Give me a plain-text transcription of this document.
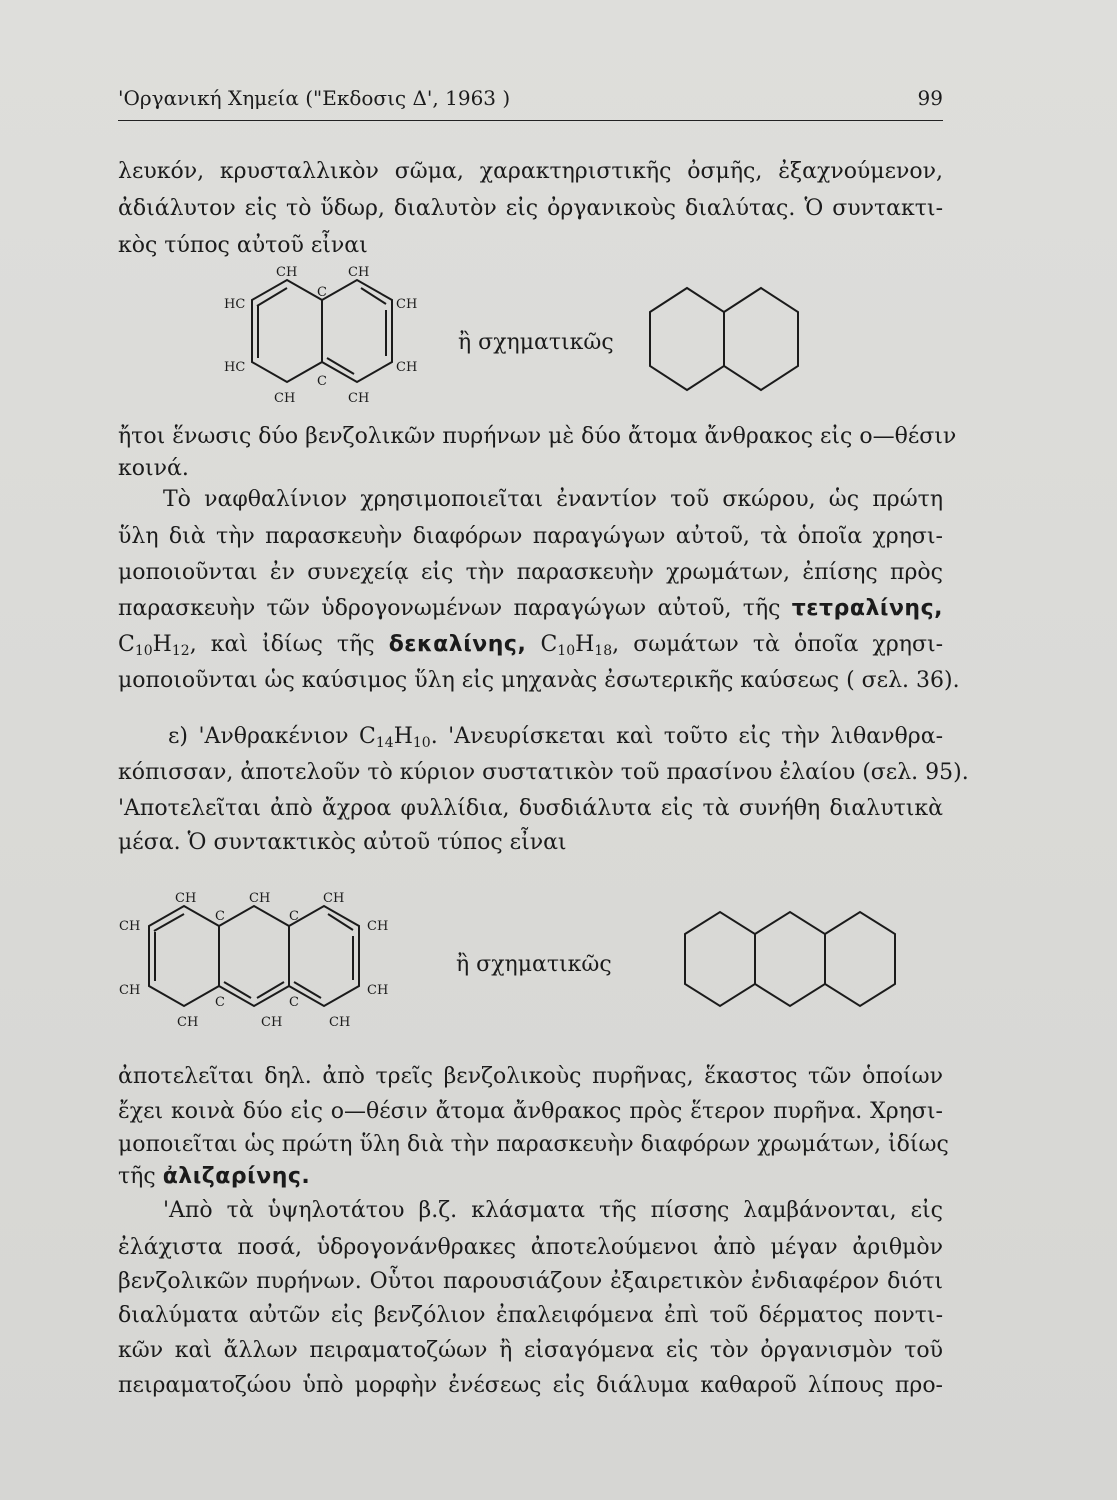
'Οργανική Χημεία ("Εκδοσις Δ', 1963 )	99
λευκόν, κρυσταλλικὸν σῶμα, χαρακτηριστικῆς ὀσμῆς, ἐξαχνούμενον,
ἀδιάλυτον εἰς τὸ ὕδωρ, διαλυτὸν εἰς ὀργανικοὺς διαλύτας. Ὁ συντακτι-
κὸς τύπος αὐτοῦ εἶναι
CH	CH
C
HC	CH
HC	CH
C
CH	CH
ἢ σχηματικῶς
ἤτοι ἕνωσις δύο βενζολικῶν πυρήνων μὲ δύο ἄτομα ἄνθρακος εἰς ο—θέσιν
κοινά.
Τὸ ναφθαλίνιον χρησιμοποιεῖται ἐναντίον τοῦ σκώρου, ὡς πρώτη
ὕλη διὰ τὴν παρασκευὴν διαφόρων παραγώγων αὐτοῦ, τὰ ὁποῖα χρησι-
μοποιοῦνται ἐν συνεχείᾳ εἰς τὴν παρασκευὴν χρωμάτων, ἐπίσης πρὸς
παρασκευὴν τῶν ὑδρογονωμένων παραγώγων αὐτοῦ, τῆς τετραλίνης,
$C_{10}H_{12}$, καὶ ἰδίως τῆς δεκαλίνης, $C_{10}H_{18}$, σωμάτων τὰ ὁποῖα χρησι-
μοποιοῦνται ὡς καύσιμος ὕλη εἰς μηχανὰς ἐσωτερικῆς καύσεως ( σελ. 36).
ε) 'Ανθρακένιον $C_{14}H_{10}$. 'Ανευρίσκεται καὶ τοῦτο εἰς τὴν λιθανθρα-
κόπισσαν, ἀποτελοῦν τὸ κύριον συστατικὸν τοῦ πρασίνου ἐλαίου (σελ. 95).
'Αποτελεῖται ἀπὸ ἄχροα φυλλίδια, δυσδιάλυτα εἰς τὰ συνήθη διαλυτικὰ
μέσα. Ὁ συντακτικὸς αὐτοῦ τύπος εἶναι
CH	CH	CH
C	C
CH	CH
CH	CH
C	C
CH	CH	CH
ἢ σχηματικῶς
ἀποτελεῖται δηλ. ἀπὸ τρεῖς βενζολικοὺς πυρῆνας, ἕκαστος τῶν ὁποίων
ἔχει κοινὰ δύο εἰς ο—θέσιν ἄτομα ἄνθρακος πρὸς ἕτερον πυρῆνα. Χρησι-
μοποιεῖται ὡς πρώτη ὕλη διὰ τὴν παρασκευὴν διαφόρων χρωμάτων, ἰδίως
τῆς ἀλιζαρίνης.
'Απὸ τὰ ὑψηλοτάτου β.ζ. κλάσματα τῆς πίσσης λαμβάνονται, εἰς
ἐλάχιστα ποσά, ὑδρογονάνθρακες ἀποτελούμενοι ἀπὸ μέγαν ἀριθμὸν
βενζολικῶν πυρήνων. Οὗτοι παρουσιάζουν ἐξαιρετικὸν ἐνδιαφέρον διότι
διαλύματα αὐτῶν εἰς βενζόλιον ἐπαλειφόμενα ἐπὶ τοῦ δέρματος ποντι-
κῶν καὶ ἄλλων πειραματοζώων ἢ εἰσαγόμενα εἰς τὸν ὀργανισμὸν τοῦ
πειραματοζώου ὑπὸ μορφὴν ἐνέσεως εἰς διάλυμα καθαροῦ λίπους προ-
